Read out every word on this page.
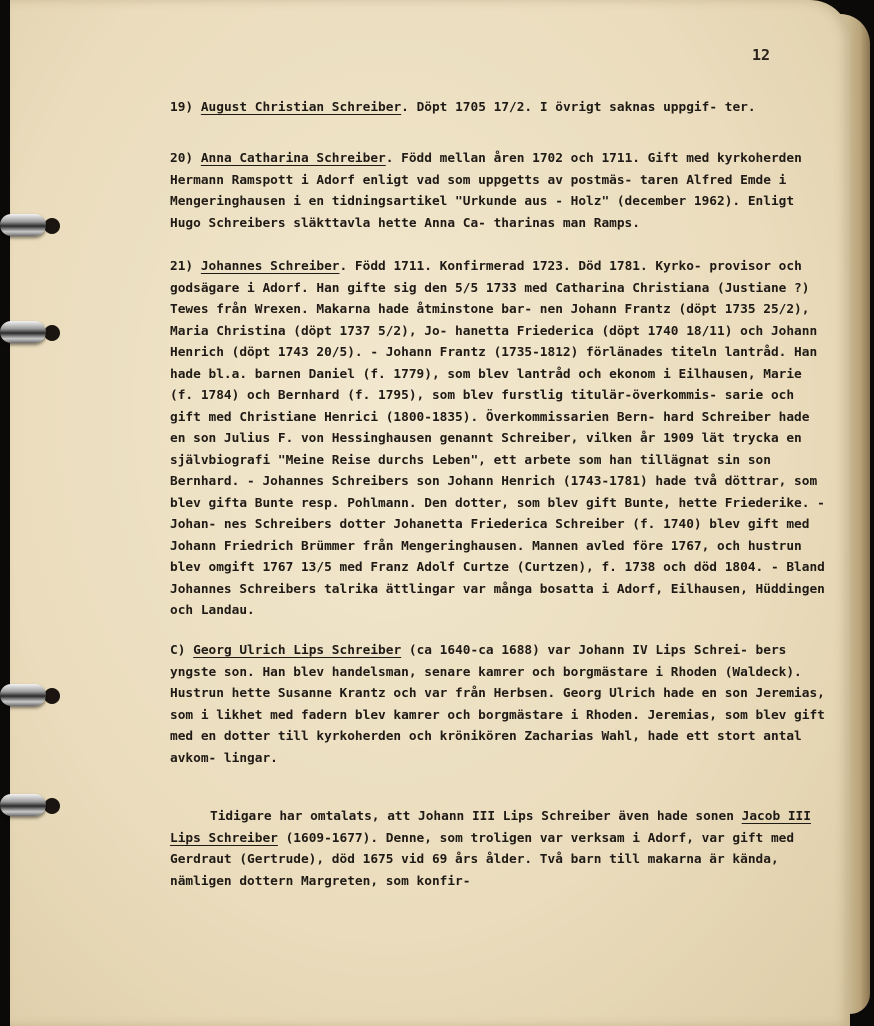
12

19) August Christian Schreiber. Döpt 1705 17/2. I övrigt saknas uppgif- ter.

20) Anna Catharina Schreiber. Född mellan åren 1702 och 1711. Gift med kyrkoherden Hermann Ramspott i Adorf enligt vad som uppgetts av postmäs- taren Alfred Emde i Mengeringhausen i en tidningsartikel "Urkunde aus - Holz" (december 1962). Enligt Hugo Schreibers släkttavla hette Anna Ca- tharinas man Ramps.

21) Johannes Schreiber. Född 1711. Konfirmerad 1723. Död 1781. Kyrko- provisor och godsägare i Adorf. Han gifte sig den 5/5 1733 med Catharina Christiana (Justiane ?) Tewes från Wrexen. Makarna hade åtminstone bar- nen Johann Frantz (döpt 1735 25/2), Maria Christina (döpt 1737 5/2), Jo- hanetta Friederica (döpt 1740 18/11) och Johann Henrich (döpt 1743 20/5). - Johann Frantz (1735-1812) förlänades titeln lantråd. Han hade bl.a. barnen Daniel (f. 1779), som blev lantråd och ekonom i Eilhausen, Marie (f. 1784) och Bernhard (f. 1795), som blev furstlig titulär-överkommis- sarie och gift med Christiane Henrici (1800-1835). Överkommissarien Bern- hard Schreiber hade en son Julius F. von Hessinghausen genannt Schreiber, vilken år 1909 lät trycka en självbiografi "Meine Reise durchs Leben", ett arbete som han tillägnat sin son Bernhard. - Johannes Schreibers son Johann Henrich (1743-1781) hade två döttrar, som blev gifta Bunte resp. Pohlmann. Den dotter, som blev gift Bunte, hette Friederike. - Johan- nes Schreibers dotter Johanetta Friederica Schreiber (f. 1740) blev gift med Johann Friedrich Brümmer från Mengeringhausen. Mannen avled före 1767, och hustrun blev omgift 1767 13/5 med Franz Adolf Curtze (Curtzen), f. 1738 och död 1804. - Bland Johannes Schreibers talrika ättlingar var många bosatta i Adorf, Eilhausen, Hüddingen och Landau.

C) Georg Ulrich Lips Schreiber (ca 1640-ca 1688) var Johann IV Lips Schrei- bers yngste son. Han blev handelsman, senare kamrer och borgmästare i Rhoden (Waldeck). Hustrun hette Susanne Krantz och var från Herbsen. Georg Ulrich hade en son Jeremias, som i likhet med fadern blev kamrer och borgmästare i Rhoden. Jeremias, som blev gift med en dotter till kyrkoherden och krönikören Zacharias Wahl, hade ett stort antal avkom- lingar.

Tidigare har omtalats, att Johann III Lips Schreiber även hade sonen Jacob III Lips Schreiber (1609-1677). Denne, som troligen var verksam i Adorf, var gift med Gerdraut (Gertrude), död 1675 vid 69 års ålder. Två barn till makarna är kända, nämligen dottern Margreten, som konfir-
